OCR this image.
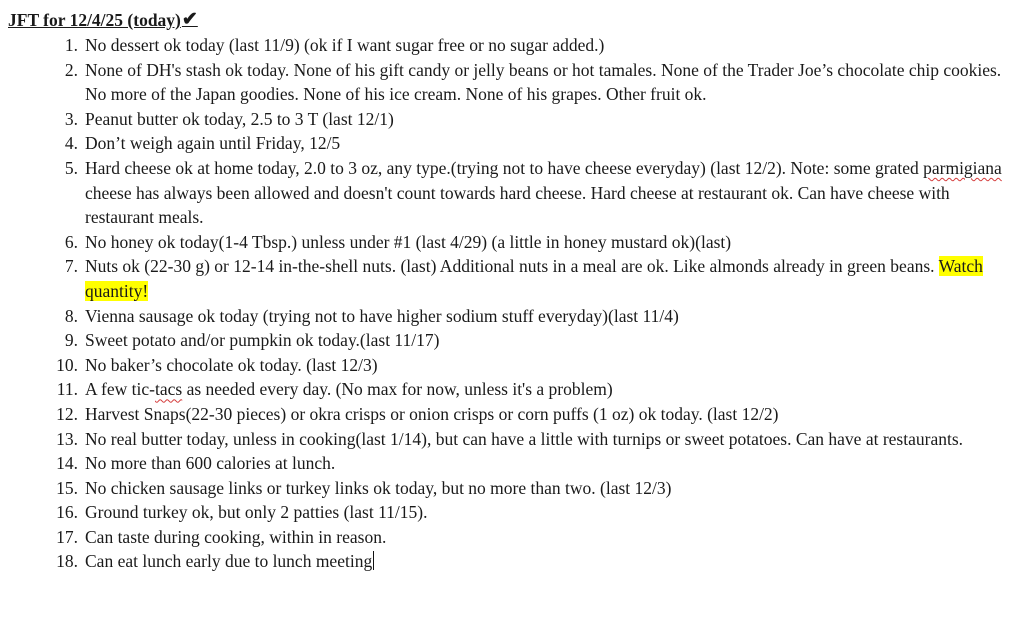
JFT for 12/4/25 (today) ✔
1. No dessert ok today (last 11/9) (ok if I want sugar free or no sugar added.)
2. None of DH's stash ok today. None of his gift candy or jelly beans or hot tamales. None of the Trader Joe’s chocolate chip cookies. No more of the Japan goodies. None of his ice cream. None of his grapes. Other fruit ok.
3. Peanut butter ok today, 2.5 to 3 T (last 12/1)
4. Don’t weigh again until Friday, 12/5
5. Hard cheese ok at home today, 2.0 to 3 oz, any type.(trying not to have cheese everyday) (last 12/2). Note: some grated parmigiana cheese has always been allowed and doesn't count towards hard cheese. Hard cheese at restaurant ok. Can have cheese with restaurant meals.
6. No honey ok today(1-4 Tbsp.) unless under #1 (last 4/29) (a little in honey mustard ok)(last)
7. Nuts ok (22-30 g) or 12-14 in-the-shell nuts. (last) Additional nuts in a meal are ok. Like almonds already in green beans. Watch quantity!
8. Vienna sausage ok today (trying not to have higher sodium stuff everyday)(last 11/4)
9. Sweet potato and/or pumpkin ok today.(last 11/17)
10. No baker’s chocolate ok today. (last 12/3)
11. A few tic-tacs as needed every day. (No max for now, unless it's a problem)
12. Harvest Snaps(22-30 pieces) or okra crisps or onion crisps or corn puffs (1 oz) ok today. (last 12/2)
13. No real butter today, unless in cooking(last 1/14), but can have a little with turnips or sweet potatoes. Can have at restaurants.
14. No more than 600 calories at lunch.
15. No chicken sausage links or turkey links ok today, but no more than two. (last 12/3)
16. Ground turkey ok, but only 2 patties (last 11/15).
17. Can taste during cooking, within in reason.
18. Can eat lunch early due to lunch meeting
